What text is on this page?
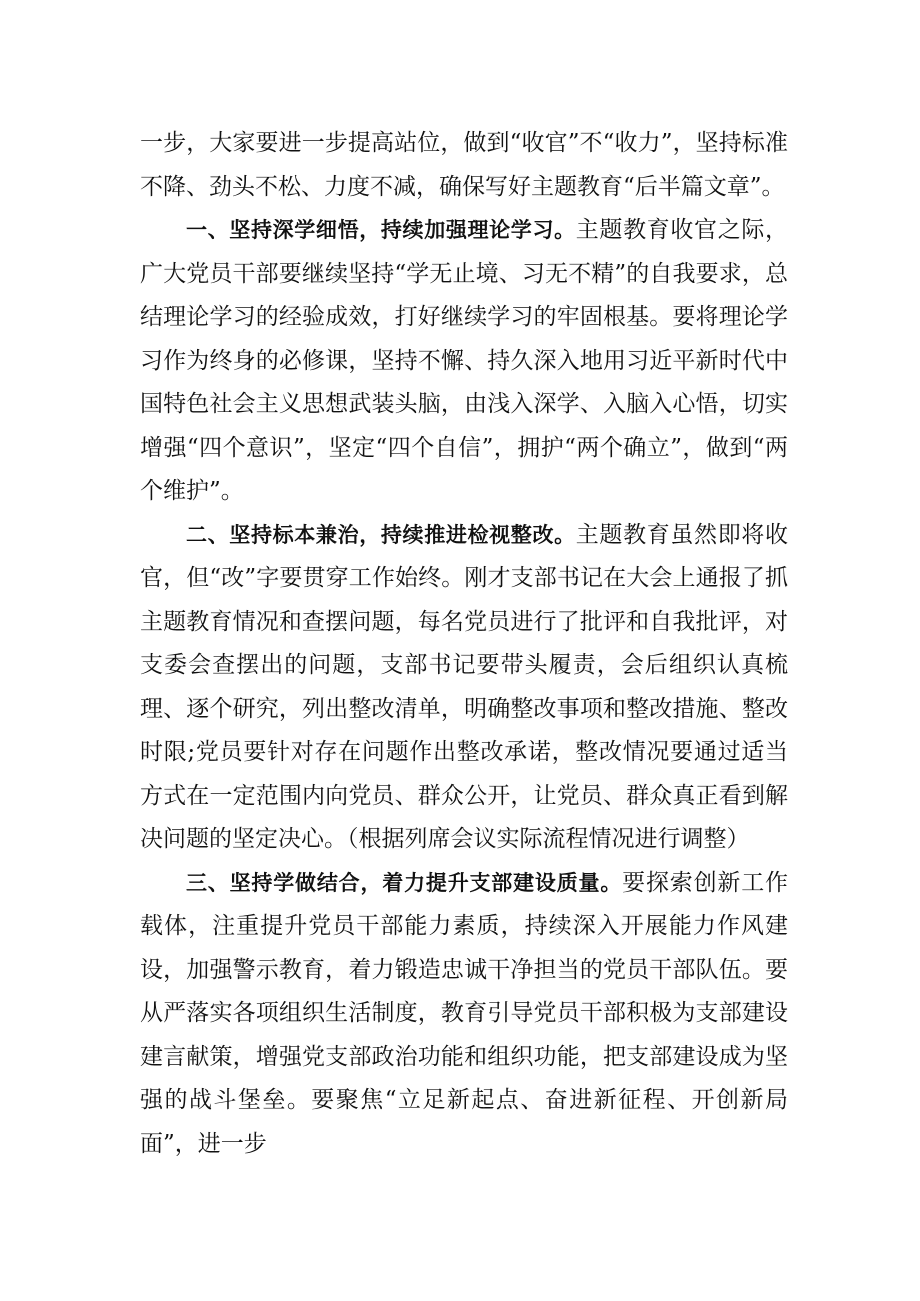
一步，大家要进一步提高站位，做到“收官”不“收力”，坚持标准不降、劲头不松、力度不减，确保写好主题教育“后半篇文章”。

一、坚持深学细悟，持续加强理论学习。主题教育收官之际，广大党员干部要继续坚持“学无止境、习无不精”的自我要求，总结理论学习的经验成效，打好继续学习的牢固根基。要将理论学习作为终身的必修课，坚持不懈、持久深入地用习近平新时代中国特色社会主义思想武装头脑，由浅入深学、入脑入心悟，切实增强“四个意识”，坚定“四个自信”，拥护“两个确立”，做到“两个维护”。

二、坚持标本兼治，持续推进检视整改。主题教育虽然即将收官，但“改”字要贯穿工作始终。刚才支部书记在大会上通报了抓主题教育情况和查摆问题，每名党员进行了批评和自我批评，对支委会查摆出的问题，支部书记要带头履责，会后组织认真梳理、逐个研究，列出整改清单，明确整改事项和整改措施、整改时限;党员要针对存在问题作出整改承诺，整改情况要通过适当方式在一定范围内向党员、群众公开，让党员、群众真正看到解决问题的坚定决心。（根据列席会议实际流程情况进行调整）

三、坚持学做结合，着力提升支部建设质量。要探索创新工作载体，注重提升党员干部能力素质，持续深入开展能力作风建设，加强警示教育，着力锻造忠诚干净担当的党员干部队伍。要从严落实各项组织生活制度，教育引导党员干部积极为支部建设建言献策，增强党支部政治功能和组织功能，把支部建设成为坚强的战斗堡垒。要聚焦“立足新起点、奋进新征程、开创新局面”，进一步
